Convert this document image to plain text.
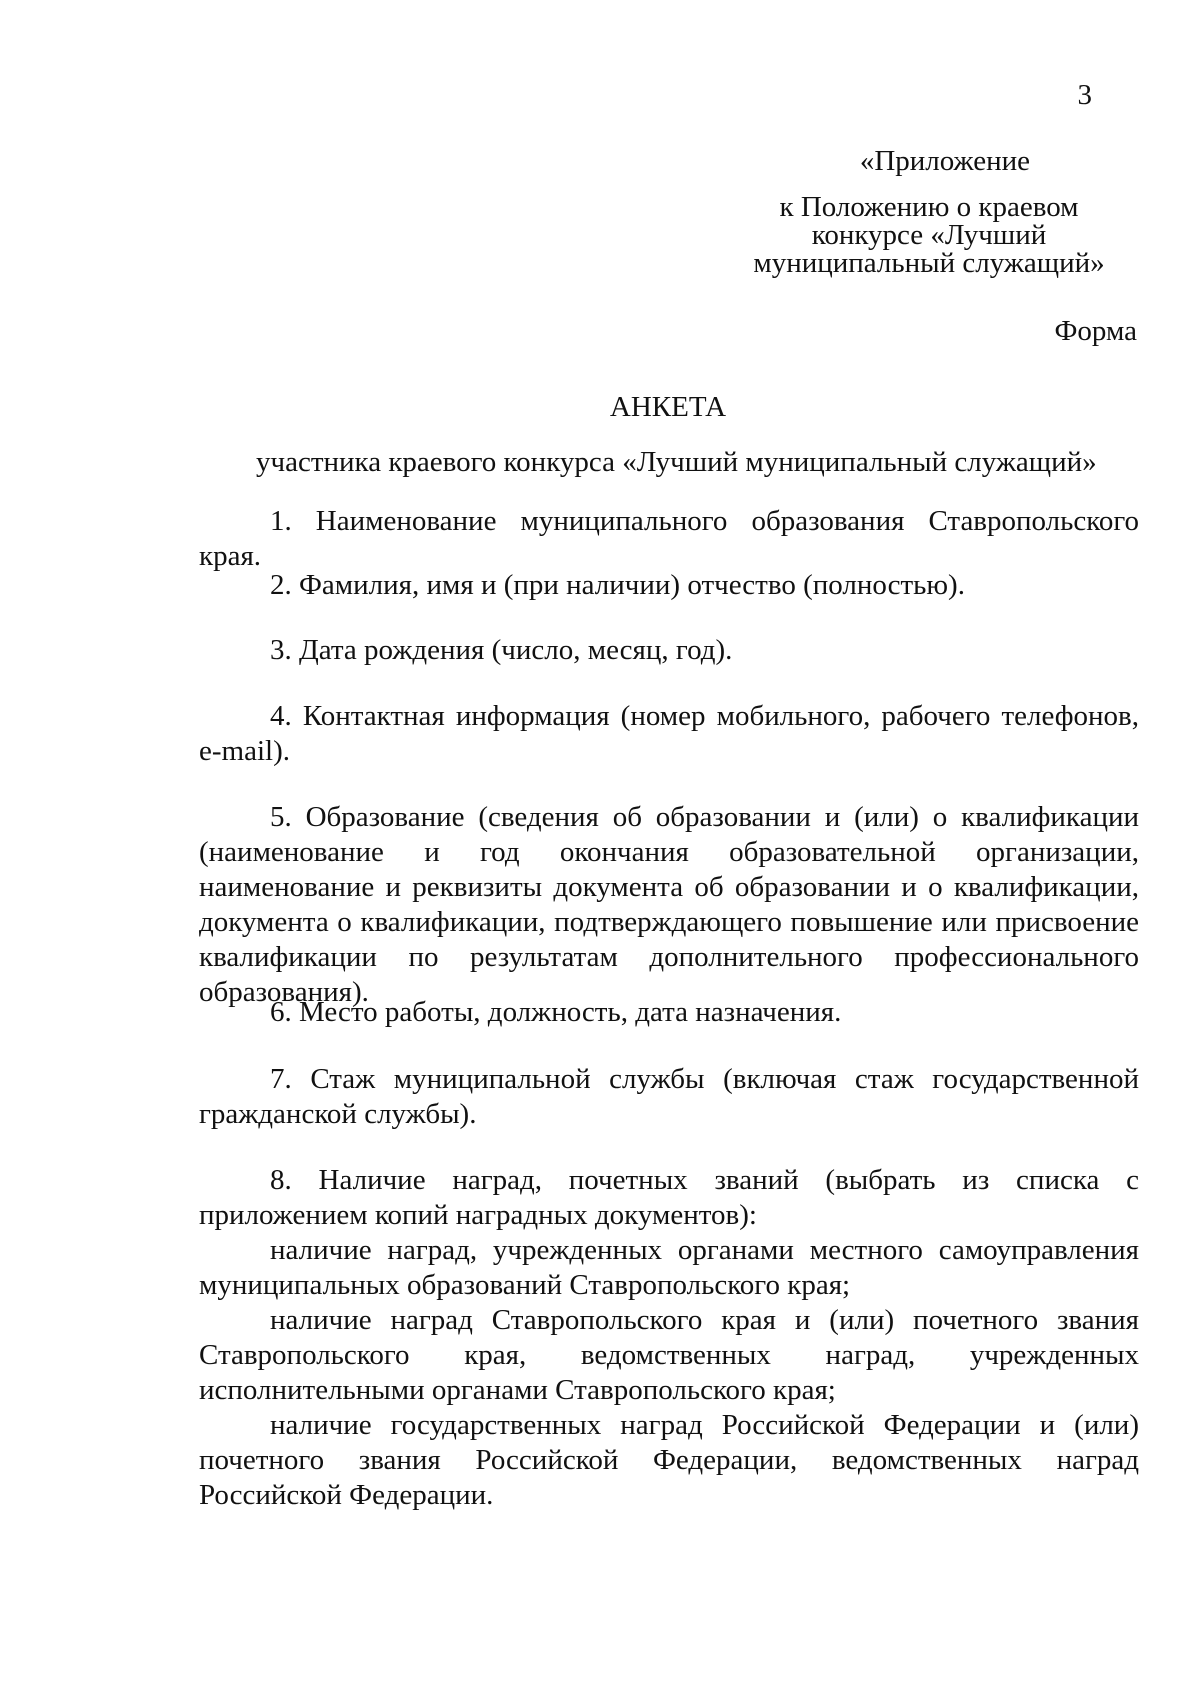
3
«Приложение
к Положению о краевом
конкурсе «Лучший
муниципальный служащий»
Форма
АНКЕТА
участника краевого конкурса «Лучший муниципальный служащий»

1. Наименование муниципального образования Ставропольского края.

2. Фамилия, имя и (при наличии) отчество (полностью).

3. Дата рождения (число, месяц, год).

4. Контактная информация (номер мобильного, рабочего телефонов, e-mail).

5. Образование (сведения об образовании и (или) о квалификации (наименование и год окончания образовательной организации, наименование и реквизиты документа об образовании и о квалификации, документа о квалификации, подтверждающего повышение или присвоение квалификации по результатам дополнительного профессионального образования).

6. Место работы, должность, дата назначения.

7. Стаж муниципальной службы (включая стаж государственной гражданской службы).

8. Наличие наград, почетных званий (выбрать из списка с приложением копий наградных документов):

наличие наград, учрежденных органами местного самоуправления муниципальных образований Ставропольского края;

наличие наград Ставропольского края и (или) почетного звания Ставропольского края, ведомственных наград, учрежденных исполнительными органами Ставропольского края;

наличие государственных наград Российской Федерации и (или) почетного звания Российской Федерации, ведомственных наград Российской Федерации.
